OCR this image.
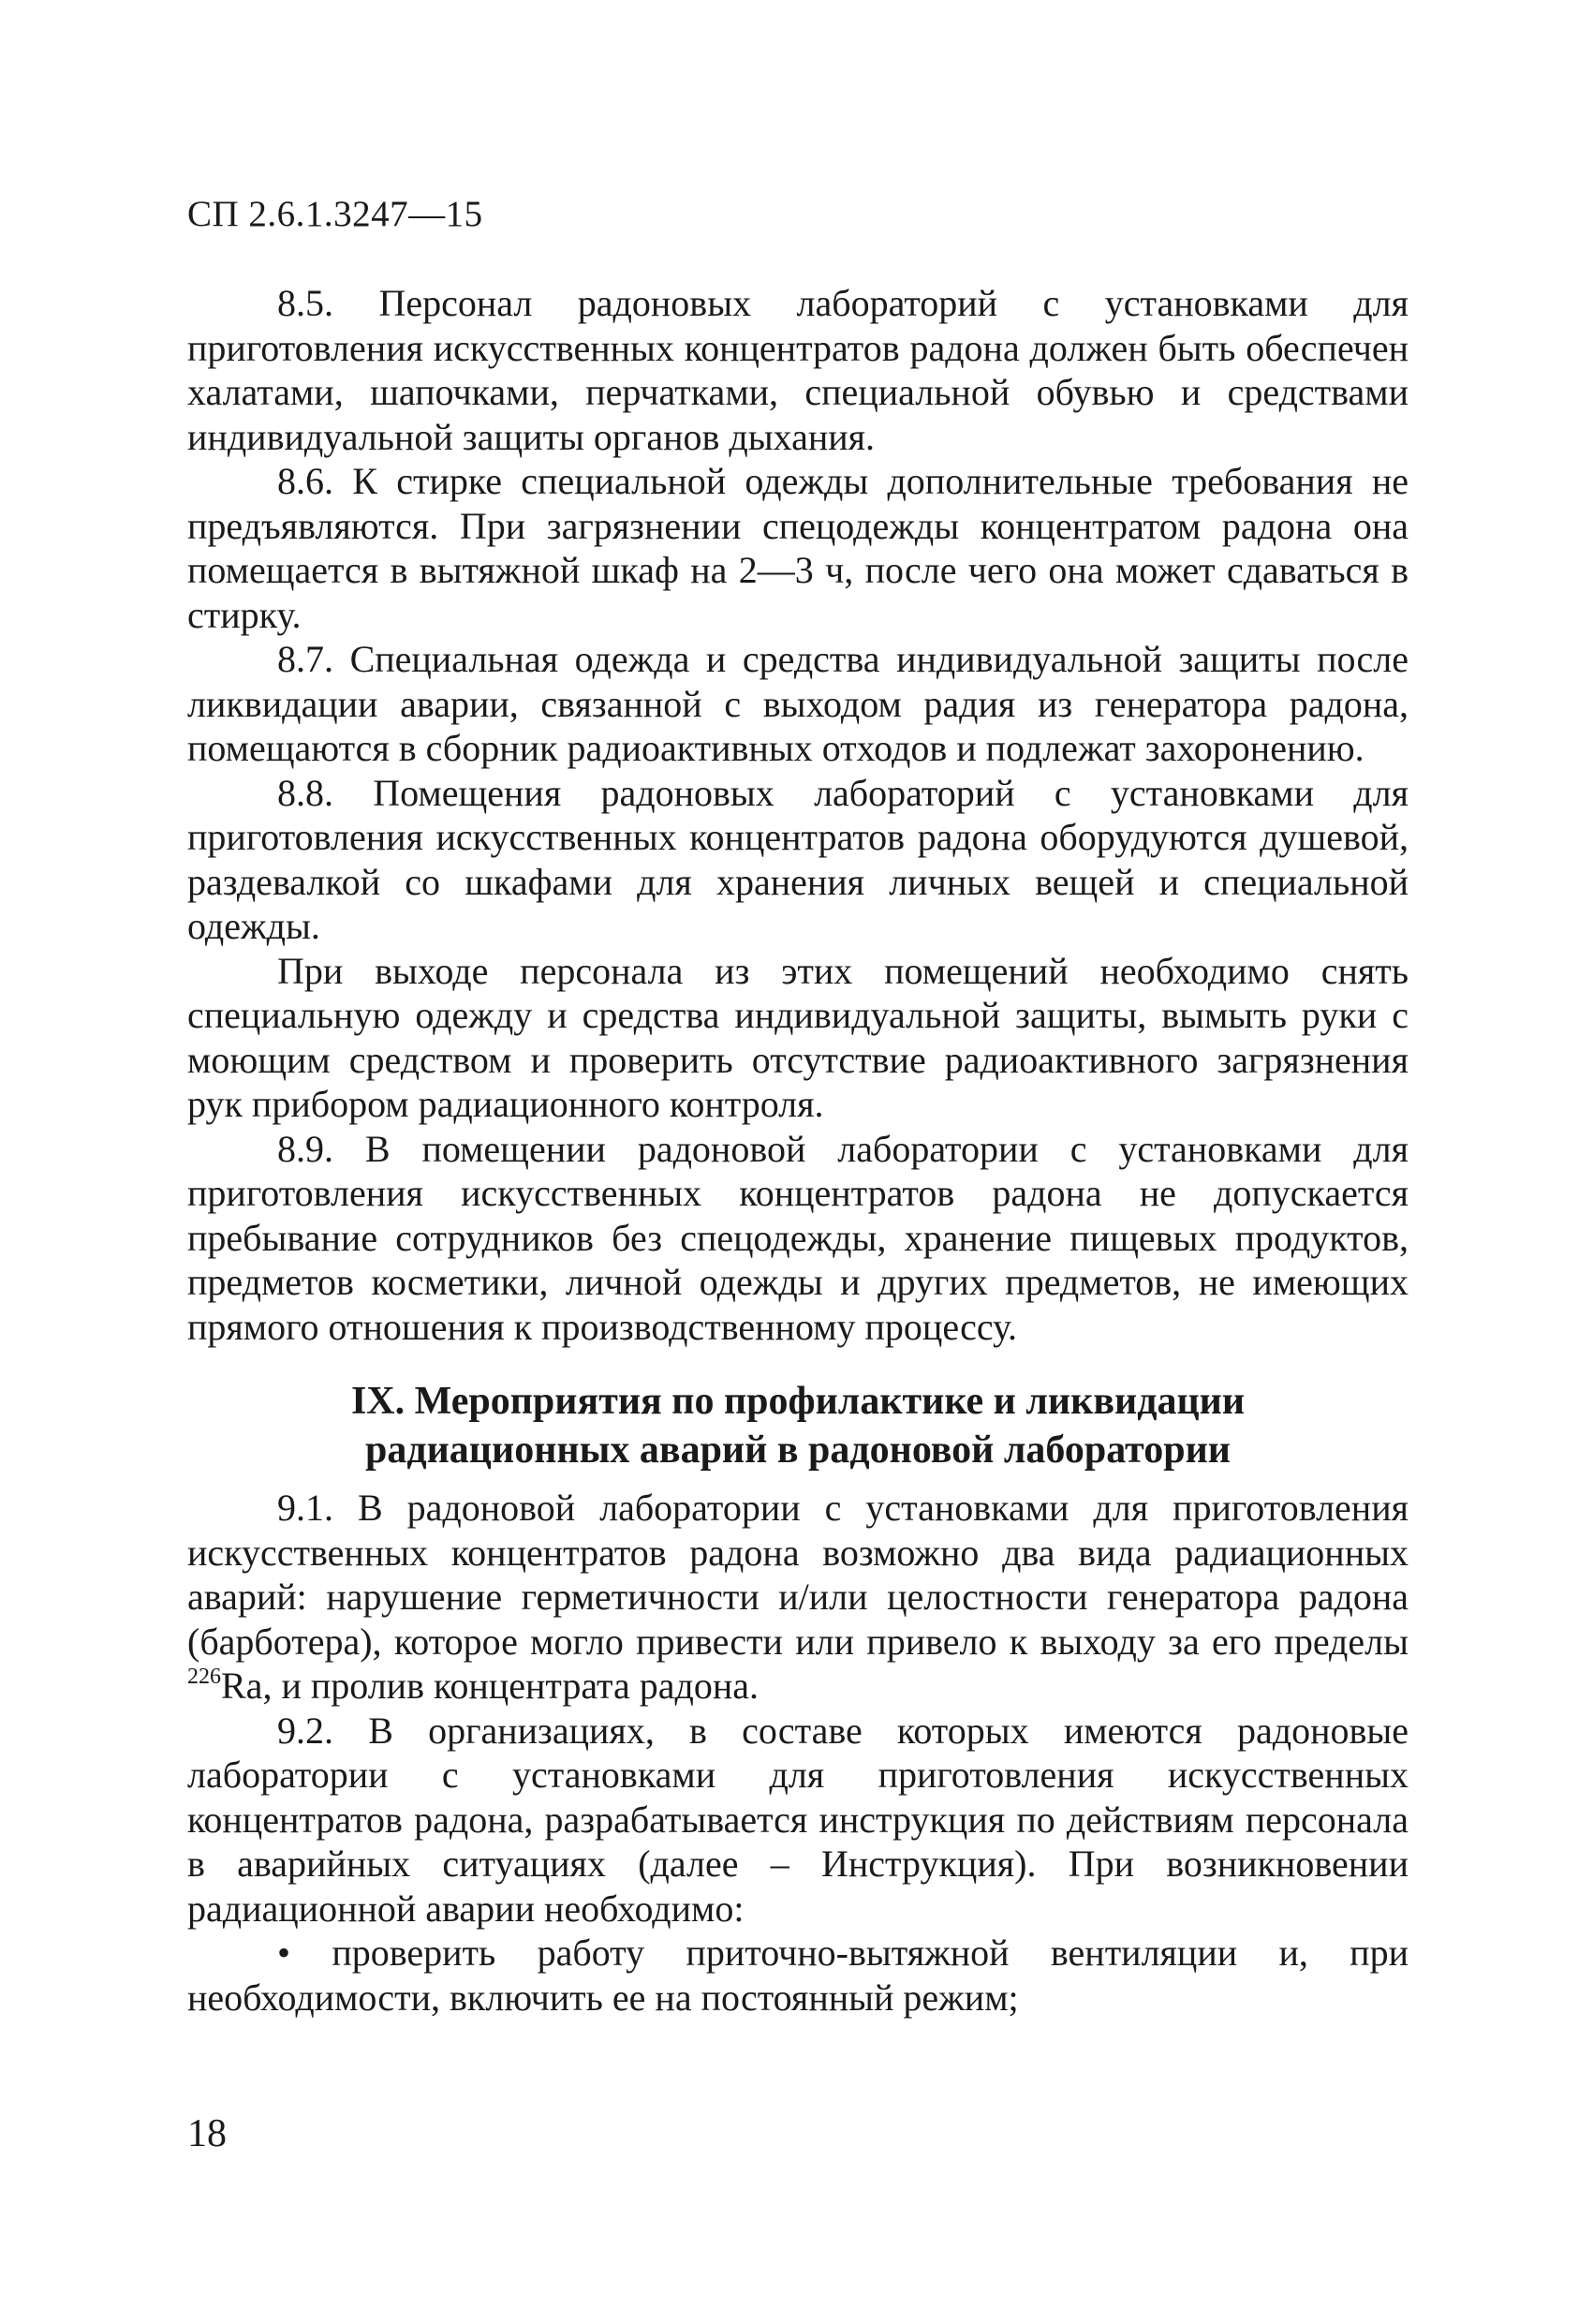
СП 2.6.1.3247—15

8.5. Персонал радоновых лабораторий с установками для приготовления искусственных концентратов радона должен быть обеспечен халатами, шапочками, перчатками, специальной обувью и средствами индивидуальной защиты органов дыхания.

8.6. К стирке специальной одежды дополнительные требования не предъявляются. При загрязнении спецодежды концентратом радона она помещается в вытяжной шкаф на 2—3 ч, после чего она может сдаваться в стирку.

8.7. Специальная одежда и средства индивидуальной защиты после ликвидации аварии, связанной с выходом радия из генератора радона, помещаются в сборник радиоактивных отходов и подлежат захоронению.

8.8. Помещения радоновых лабораторий с установками для приготовления искусственных концентратов радона оборудуются душевой, раздевалкой со шкафами для хранения личных вещей и специальной одежды.

При выходе персонала из этих помещений необходимо снять специальную одежду и средства индивидуальной защиты, вымыть руки с моющим средством и проверить отсутствие радиоактивного загрязнения рук прибором радиационного контроля.

8.9. В помещении радоновой лаборатории с установками для приготовления искусственных концентратов радона не допускается пребывание сотрудников без спецодежды, хранение пищевых продуктов, предметов косметики, личной одежды и других предметов, не имеющих прямого отношения к производственному процессу.

IX. Мероприятия по профилактике и ликвидации
радиационных аварий в радоновой лаборатории

9.1. В радоновой лаборатории с установками для приготовления искусственных концентратов радона возможно два вида радиационных аварий: нарушение герметичности и/или целостности генератора радона (барботера), которое могло привести или привело к выходу за его пределы $^{226}$Ra, и пролив концентрата радона.

9.2. В организациях, в составе которых имеются радоновые лаборатории с установками для приготовления искусственных концентратов радона, разрабатывается инструкция по действиям персонала в аварийных ситуациях (далее – Инструкция). При возникновении радиационной аварии необходимо:

• проверить работу приточно-вытяжной вентиляции и, при необходимости, включить ее на постоянный режим;

18
